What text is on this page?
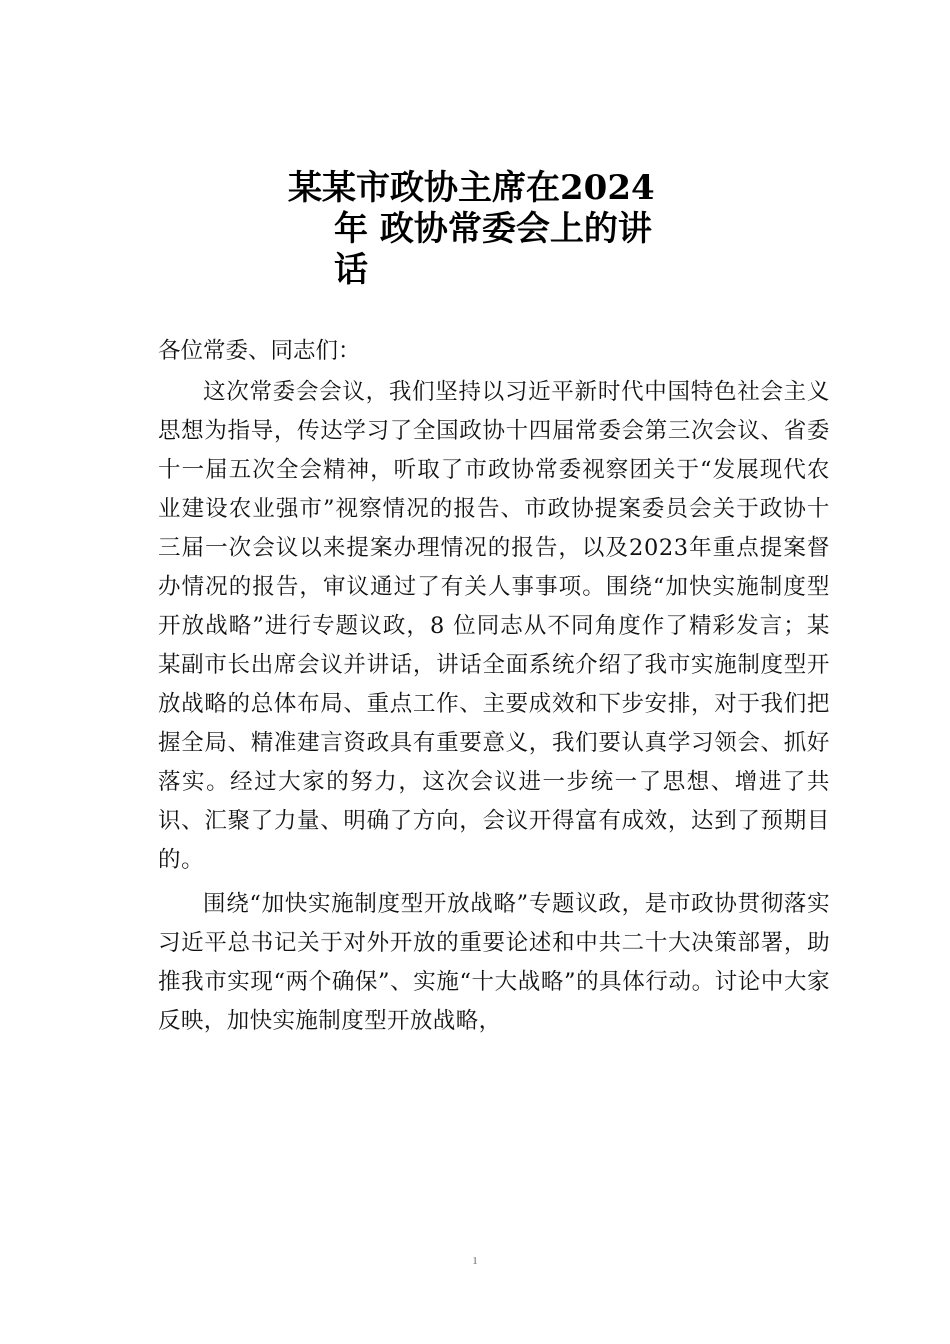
某某市政协主席在2024
年 政协常委会上的讲
话

各位常委、同志们：

这次常委会会议，我们坚持以习近平新时代中国特色社会主义思想为指导，传达学习了全国政协十四届常委会第三次会议、省委十一届五次全会精神，听取了市政协常委视察团关于“发展现代农业建设农业强市”视察情况的报告、市政协提案委员会关于政协十三届一次会议以来提案办理情况的报告，以及2023年重点提案督办情况的报告，审议通过了有关人事事项。围绕“加快实施制度型开放战略”进行专题议政，8 位同志从不同角度作了精彩发言；某某副市长出席会议并讲话，讲话全面系统介绍了我市实施制度型开放战略的总体布局、重点工作、主要成效和下步安排，对于我们把握全局、精准建言资政具有重要意义，我们要认真学习领会、抓好落实。经过大家的努力，这次会议进一步统一了思想、增进了共识、汇聚了力量、明确了方向，会议开得富有成效，达到了预期目的。

围绕“加快实施制度型开放战略”专题议政，是市政协贯彻落实习近平总书记关于对外开放的重要论述和中共二十大决策部署，助推我市实现“两个确保”、实施“十大战略”的具体行动。讨论中大家反映，加快实施制度型开放战略，

1
